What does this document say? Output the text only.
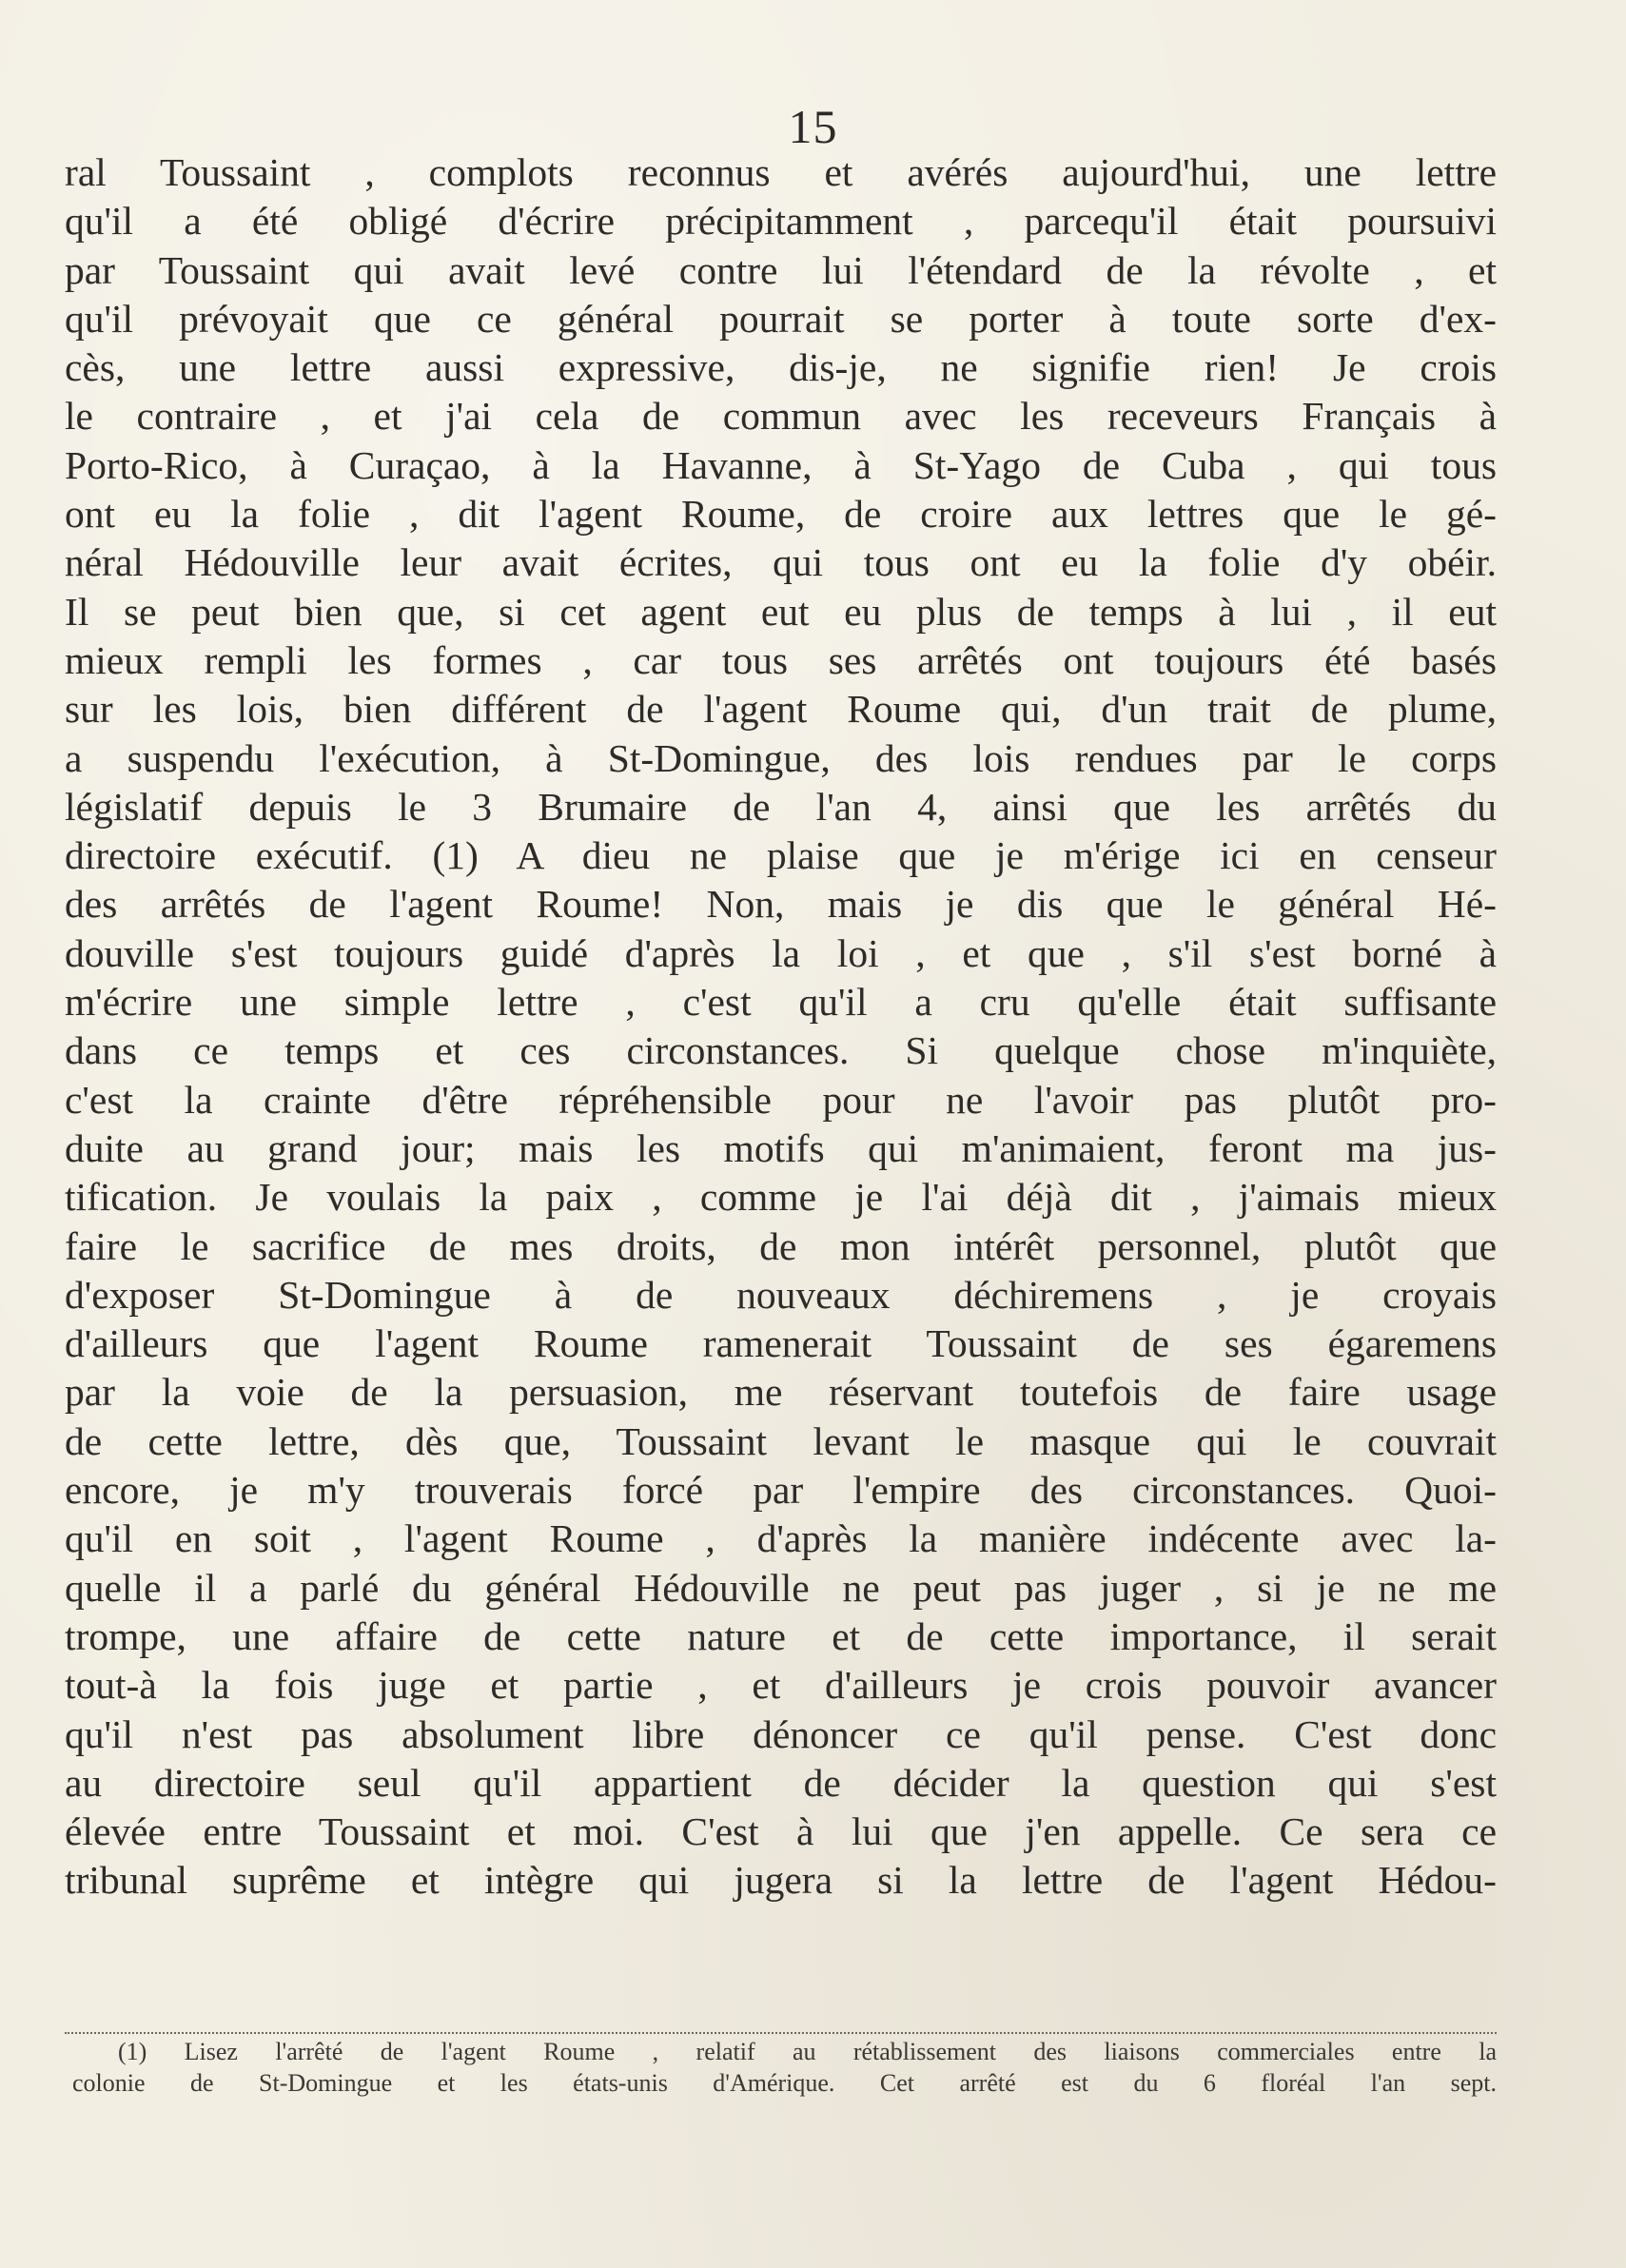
15
ral Toussaint , complots reconnus et avérés aujourd'hui, une lettre
qu'il a été obligé d'écrire précipitamment , parcequ'il était poursuivi
par Toussaint qui avait levé contre lui l'étendard de la révolte , et
qu'il prévoyait que ce général pourrait se porter à toute sorte d'ex-
cès, une lettre aussi expressive, dis-je, ne signifie rien! Je crois
le contraire , et j'ai cela de commun avec les receveurs Français à
Porto-Rico, à Curaçao, à la Havanne, à St-Yago de Cuba , qui tous
ont eu la folie , dit l'agent Roume, de croire aux lettres que le gé-
néral Hédouville leur avait écrites, qui tous ont eu la folie d'y obéir.
Il se peut bien que, si cet agent eut eu plus de temps à lui , il eut
mieux rempli les formes , car tous ses arrêtés ont toujours été basés
sur les lois, bien différent de l'agent Roume qui, d'un trait de plume,
a suspendu l'exécution, à St-Domingue, des lois rendues par le corps
législatif depuis le 3 Brumaire de l'an 4, ainsi que les arrêtés du
directoire exécutif. (1) A dieu ne plaise que je m'érige ici en censeur
des arrêtés de l'agent Roume! Non, mais je dis que le général Hé-
douville s'est toujours guidé d'après la loi , et que , s'il s'est borné à
m'écrire une simple lettre , c'est qu'il a cru qu'elle était suffisante
dans ce temps et ces circonstances. Si quelque chose m'inquiète,
c'est la crainte d'être répréhensible pour ne l'avoir pas plutôt pro-
duite au grand jour; mais les motifs qui m'animaient, feront ma jus-
tification. Je voulais la paix , comme je l'ai déjà dit , j'aimais mieux
faire le sacrifice de mes droits, de mon intérêt personnel, plutôt que
d'exposer St-Domingue à de nouveaux déchiremens , je croyais
d'ailleurs que l'agent Roume ramenerait Toussaint de ses égaremens
par la voie de la persuasion, me réservant toutefois de faire usage
de cette lettre, dès que, Toussaint levant le masque qui le couvrait
encore, je m'y trouverais forcé par l'empire des circonstances. Quoi-
qu'il en soit , l'agent Roume , d'après la manière indécente avec la-
quelle il a parlé du général Hédouville ne peut pas juger , si je ne me
trompe, une affaire de cette nature et de cette importance, il serait
tout-à la fois juge et partie , et d'ailleurs je crois pouvoir avancer
qu'il n'est pas absolument libre dénoncer ce qu'il pense. C'est donc
au directoire seul qu'il appartient de décider la question qui s'est
élevée entre Toussaint et moi. C'est à lui que j'en appelle. Ce sera ce
tribunal suprême et intègre qui jugera si la lettre de l'agent Hédou-
(1) Lisez l'arrêté de l'agent Roume , relatif au rétablissement des liaisons commerciales entre la
colonie de St-Domingue et les états-unis d'Amérique. Cet arrêté est du 6 floréal l'an sept.
